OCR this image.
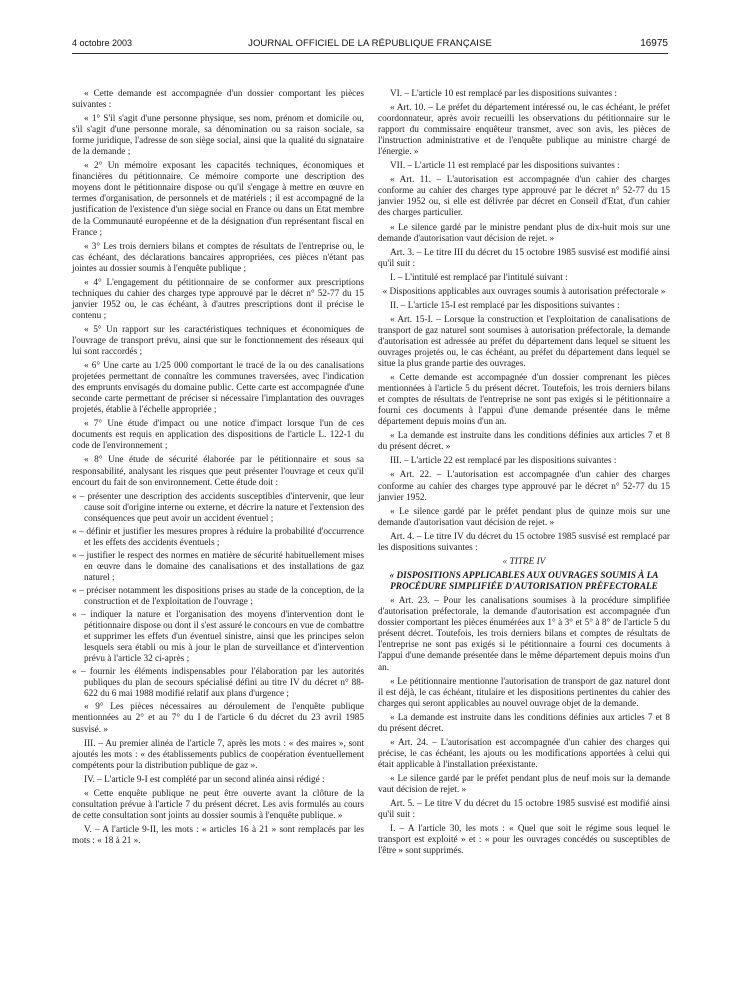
4 octobre 2003	JOURNAL OFFICIEL DE LA RÉPUBLIQUE FRANÇAISE	16975

« Cette demande est accompagnée d'un dossier comportant les pièces suivantes :

« 1° S'il s'agit d'une personne physique, ses nom, prénom et domicile ou, s'il s'agit d'une personne morale, sa dénomination ou sa raison sociale, sa forme juridique, l'adresse de son siège social, ainsi que la qualité du signataire de la demande ;

« 2° Un mémoire exposant les capacités techniques, économiques et financières du pétitionnaire. Ce mémoire comporte une description des moyens dont le pétitionnaire dispose ou qu'il s'engage à mettre en œuvre en termes d'organisation, de personnels et de matériels ; il est accompagné de la justification de l'existence d'un siège social en France ou dans un Etat membre de la Communauté européenne et de la désignation d'un représentant fiscal en France ;

« 3° Les trois derniers bilans et comptes de résultats de l'entreprise ou, le cas échéant, des déclarations bancaires appropriées, ces pièces n'étant pas jointes au dossier soumis à l'enquête publique ;

« 4° L'engagement du pétitionnaire de se conformer aux prescriptions techniques du cahier des charges type approuvé par le décret n° 52-77 du 15 janvier 1952 ou, le cas échéant, à d'autres prescriptions dont il précise le contenu ;

« 5° Un rapport sur les caractéristiques techniques et économiques de l'ouvrage de transport prévu, ainsi que sur le fonctionnement des réseaux qui lui sont raccordés ;

« 6° Une carte au 1/25 000 comportant le tracé de la ou des canalisations projetées permettant de connaître les communes traversées, avec l'indication des emprunts envisagés du domaine public. Cette carte est accompagnée d'une seconde carte permettant de préciser si nécessaire l'implantation des ouvrages projetés, établie à l'échelle appropriée ;

« 7° Une étude d'impact ou une notice d'impact lorsque l'un de ces documents est requis en application des dispositions de l'article L. 122-1 du code de l'environnement ;

« 8° Une étude de sécurité élaborée par le pétitionnaire et sous sa responsabilité, analysant les risques que peut présenter l'ouvrage et ceux qu'il encourt du fait de son environnement. Cette étude doit :

« – présenter une description des accidents susceptibles d'intervenir, que leur cause soit d'origine interne ou externe, et décrire la nature et l'extension des conséquences que peut avoir un accident éventuel ;

« – définir et justifier les mesures propres à réduire la probabilité d'occurrence et les effets des accidents éventuels ;

« – justifier le respect des normes en matière de sécurité habituellement mises en œuvre dans le domaine des canalisations et des installations de gaz naturel ;

« – préciser notamment les dispositions prises au stade de la conception, de la construction et de l'exploitation de l'ouvrage ;

« – indiquer la nature et l'organisation des moyens d'intervention dont le pétitionnaire dispose ou dont il s'est assuré le concours en vue de combattre et supprimer les effets d'un éventuel sinistre, ainsi que les principes selon lesquels sera établi ou mis à jour le plan de surveillance et d'intervention prévu à l'article 32 ci-après ;

« – fournir les éléments indispensables pour l'élaboration par les autorités publiques du plan de secours spécialisé défini au titre IV du décret n° 88-622 du 6 mai 1988 modifié relatif aux plans d'urgence ;

« 9° Les pièces nécessaires au déroulement de l'enquête publique mentionnées au 2° et au 7° du I de l'article 6 du décret du 23 avril 1985 susvisé. »

III. – Au premier alinéa de l'article 7, après les mots : « des maires », sont ajoutés les mots : « des établissements publics de coopération éventuellement compétents pour la distribution publique de gaz ».

IV. – L'article 9-I est complété par un second alinéa ainsi rédigé :

« Cette enquête publique ne peut être ouverte avant la clôture de la consultation prévue à l'article 7 du présent décret. Les avis formulés au cours de cette consultation sont joints au dossier soumis à l'enquête publique. »

V. – A l'article 9-II, les mots : « articles 16 à 21 » sont remplacés par les mots : « 18 à 21 ».

VI. – L'article 10 est remplacé par les dispositions suivantes :

« Art. 10. – Le préfet du département intéressé ou, le cas échéant, le préfet coordonnateur, après avoir recueilli les observations du pétitionnaire sur le rapport du commissaire enquêteur transmet, avec son avis, les pièces de l'instruction administrative et de l'enquête publique au ministre chargé de l'énergie. »

VII. – L'article 11 est remplacé par les dispositions suivantes :

« Art. 11. – L'autorisation est accompagnée d'un cahier des charges conforme au cahier des charges type approuvé par le décret n° 52-77 du 15 janvier 1952 ou, si elle est délivrée par décret en Conseil d'Etat, d'un cahier des charges particulier.

« Le silence gardé par le ministre pendant plus de dix-huit mois sur une demande d'autorisation vaut décision de rejet. »

Art. 3. – Le titre III du décret du 15 octobre 1985 susvisé est modifié ainsi qu'il suit :

I. – L'intitulé est remplacé par l'intitulé suivant :

« Dispositions applicables aux ouvrages soumis à autorisation préfectorale »

II. – L'article 15-I est remplacé par les dispositions suivantes :

« Art. 15-I. – Lorsque la construction et l'exploitation de canalisations de transport de gaz naturel sont soumises à autorisation préfectorale, la demande d'autorisation est adressée au préfet du département dans lequel se situent les ouvrages projetés ou, le cas échéant, au préfet du département dans lequel se situe la plus grande partie des ouvrages.

« Cette demande est accompagnée d'un dossier comprenant les pièces mentionnées à l'article 5 du présent décret. Toutefois, les trois derniers bilans et comptes de résultats de l'entreprise ne sont pas exigés si le pétitionnaire a fourni ces documents à l'appui d'une demande présentée dans le même département depuis moins d'un an.

« La demande est instruite dans les conditions définies aux articles 7 et 8 du présent décret. »

III. – L'article 22 est remplacé par les dispositions suivantes :

« Art. 22. – L'autorisation est accompagnée d'un cahier des charges conforme au cahier des charges type approuvé par le décret n° 52-77 du 15 janvier 1952.

« Le silence gardé par le préfet pendant plus de quinze mois sur une demande d'autorisation vaut décision de rejet. »

Art. 4. – Le titre IV du décret du 15 octobre 1985 susvisé est remplacé par les dispositions suivantes :

« TITRE IV

« DISPOSITIONS APPLICABLES AUX OUVRAGES SOUMIS À LA PROCÉDURE SIMPLIFIÉE D'AUTORISATION PRÉFECTORALE

« Art. 23. – Pour les canalisations soumises à la procédure simplifiée d'autorisation préfectorale, la demande d'autorisation est accompagnée d'un dossier comportant les pièces énumérées aux 1° à 3° et 5° à 8° de l'article 5 du présent décret. Toutefois, les trois derniers bilans et comptes de résultats de l'entreprise ne sont pas exigés si le pétitionnaire a fourni ces documents à l'appui d'une demande présentée dans le même département depuis moins d'un an.

« Le pétitionnaire mentionne l'autorisation de transport de gaz naturel dont il est déjà, le cas échéant, titulaire et les dispositions pertinentes du cahier des charges qui seront applicables au nouvel ouvrage objet de la demande.

« La demande est instruite dans les conditions définies aux articles 7 et 8 du présent décret.

« Art. 24. – L'autorisation est accompagnée d'un cahier des charges qui précise, le cas échéant, les ajouts ou les modifications apportées à celui qui était applicable à l'installation préexistante.

« Le silence gardé par le préfet pendant plus de neuf mois sur la demande vaut décision de rejet. »

Art. 5. – Le titre V du décret du 15 octobre 1985 susvisé est modifié ainsi qu'il suit :

I. – A l'article 30, les mots : « Quel que soit le régime sous lequel le transport est exploité » et : « pour les ouvrages concédés ou susceptibles de l'être » sont supprimés.
